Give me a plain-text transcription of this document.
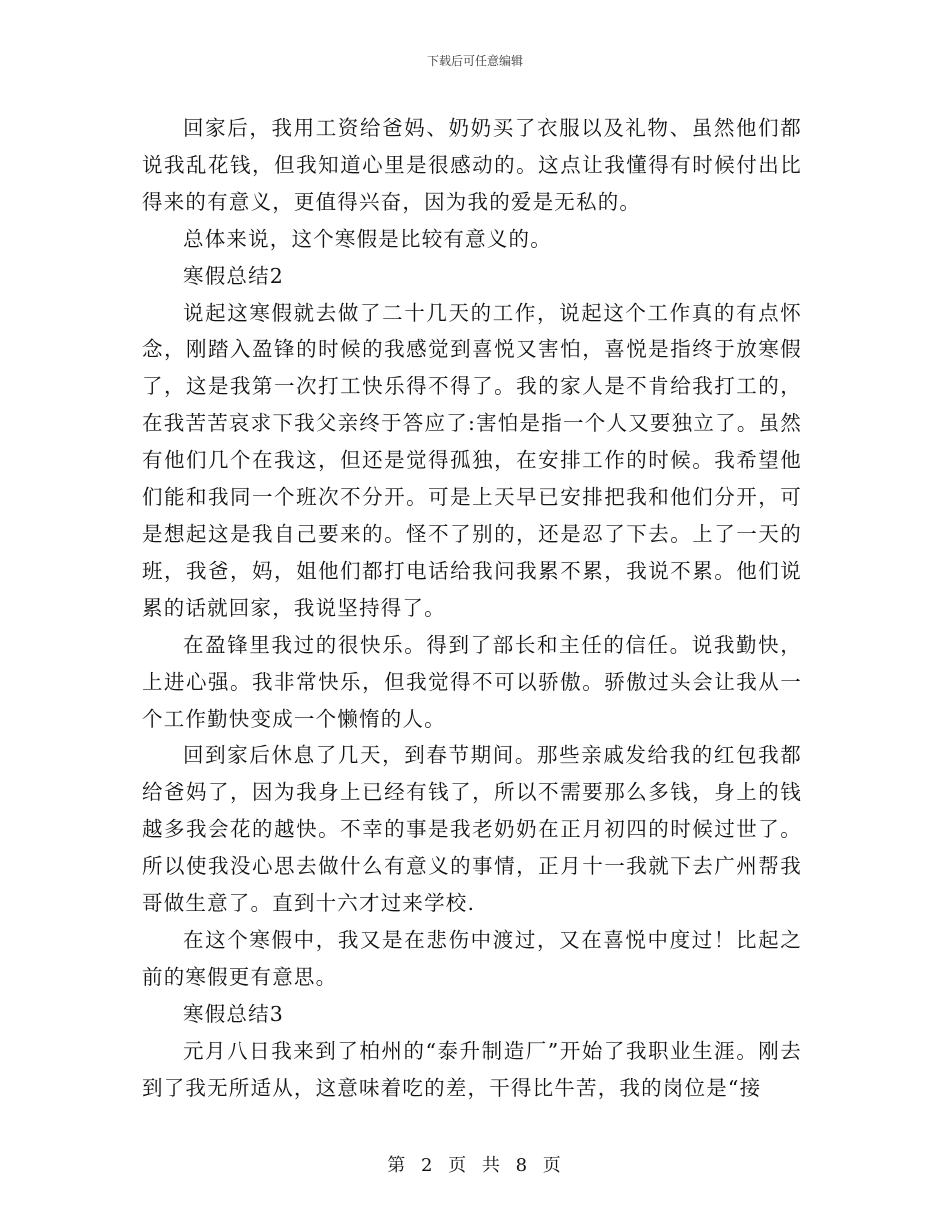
下载后可任意编辑

回家后，我用工资给爸妈、奶奶买了衣服以及礼物、虽然他们都说我乱花钱，但我知道心里是很感动的。这点让我懂得有时候付出比得来的有意义，更值得兴奋，因为我的爱是无私的。

总体来说，这个寒假是比较有意义的。

寒假总结2

说起这寒假就去做了二十几天的工作，说起这个工作真的有点怀念，刚踏入盈锋的时候的我感觉到喜悦又害怕，喜悦是指终于放寒假了，这是我第一次打工快乐得不得了。我的家人是不肯给我打工的，在我苦苦哀求下我父亲终于答应了:害怕是指一个人又要独立了。虽然有他们几个在我这，但还是觉得孤独，在安排工作的时候。我希望他们能和我同一个班次不分开。可是上天早已安排把我和他们分开，可是想起这是我自己要来的。怪不了别的，还是忍了下去。上了一天的班，我爸，妈，姐他们都打电话给我问我累不累，我说不累。他们说累的话就回家，我说坚持得了。

在盈锋里我过的很快乐。得到了部长和主任的信任。说我勤快，上进心强。我非常快乐，但我觉得不可以骄傲。骄傲过头会让我从一个工作勤快变成一个懒惰的人。

回到家后休息了几天，到春节期间。那些亲戚发给我的红包我都给爸妈了，因为我身上已经有钱了，所以不需要那么多钱，身上的钱越多我会花的越快。不幸的事是我老奶奶在正月初四的时候过世了。所以使我没心思去做什么有意义的事情，正月十一我就下去广州帮我哥做生意了。直到十六才过来学校.

在这个寒假中，我又是在悲伤中渡过，又在喜悦中度过！比起之前的寒假更有意思。

寒假总结3

元月八日我来到了柏州的“泰升制造厂”开始了我职业生涯。刚去到了我无所适从，这意味着吃的差，干得比牛苦，我的岗位是“接

第 2 页 共 8 页
